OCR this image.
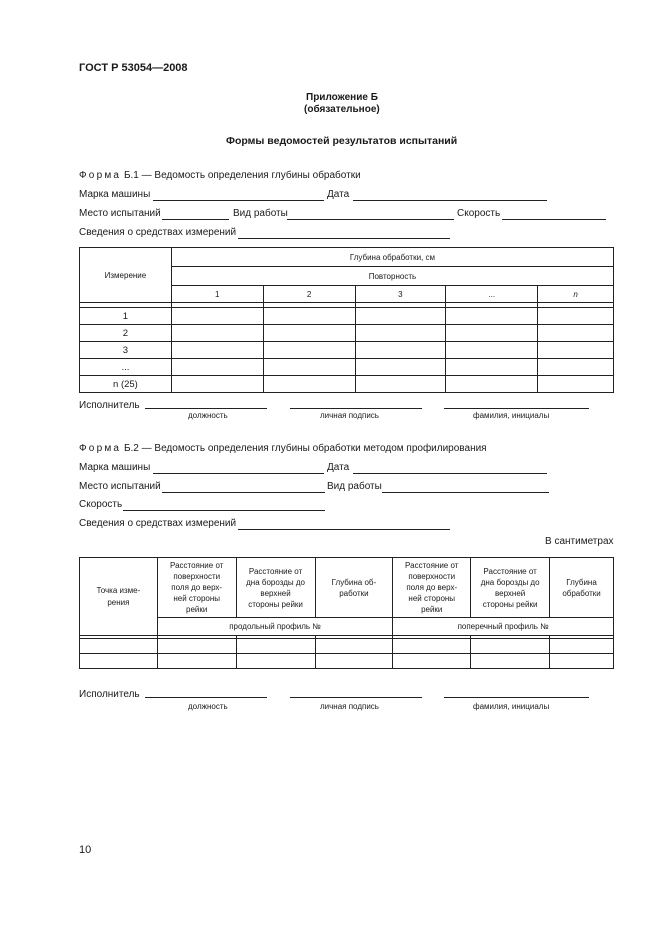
ГОСТ Р 53054—2008
Приложение Б
(обязательное)
Формы ведомостей результатов испытаний
Форма Б.1 — Ведомость определения глубины обработки
Марка машины	Дата
Место испытаний	Вид работы	Скорость
Сведения о средствах измерений
Измерение	Глубина обработки, см				
	Повторность				
	1	2	3	...	n

1					
2					
3					
...					
n (25)					
Исполнитель
должность	личная подпись	фамилия, инициалы
Форма Б.2 — Ведомость определения глубины обработки методом профилирования
Марка машины	Дата
Место испытаний	Вид работы
Скорость
Сведения о средствах измерений
В сантиметрах
Точка изме-рения	Расстояние от поверхности поля до верх-ней стороны рейки	Расстояние от дна борозды до верхней стороны рейки	Глубина об-работки	Расстояние от поверхности поля до верх-ней стороны рейки	Расстояние от дна борозды до верхней стороны рейки	Глубина обработки
	продольный профиль №			поперечный профиль №		

Исполнитель
должность	личная подпись	фамилия, инициалы
10
